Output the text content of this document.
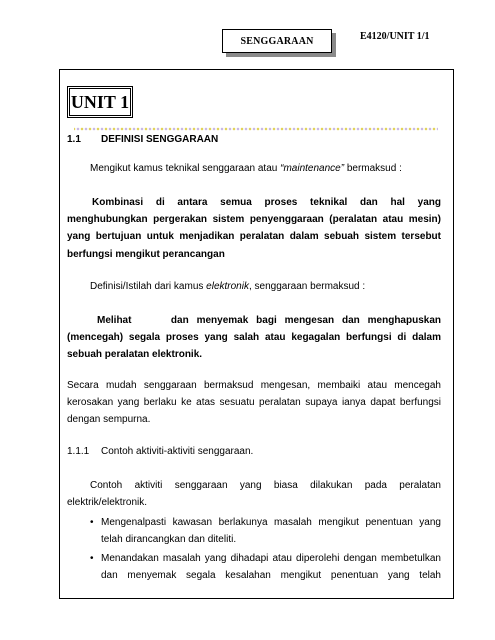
SENGGARAAN	E4120/UNIT 1/1
UNIT 1
1.1 DEFINISI SENGGARAAN
Mengikut kamus teknikal senggaraan atau “maintenance” bermaksud :
Kombinasi di antara semua proses teknikal dan hal yang
menghubungkan pergerakan sistem penyenggaraan (peralatan atau mesin)
yang bertujuan untuk menjadikan peralatan dalam sebuah sistem tersebut
berfungsi mengikut perancangan
Definisi/Istilah dari kamus elektronik, senggaraan bermaksud :
Melihat     dan menyemak bagi mengesan dan menghapuskan
(mencegah) segala proses yang salah atau kegagalan berfungsi di dalam
sebuah peralatan elektronik.
Secara mudah senggaraan bermaksud mengesan, membaiki atau mencegah
kerosakan yang berlaku ke atas sesuatu peralatan supaya ianya dapat berfungsi
dengan sempurna.
1.1.1 Contoh aktiviti-aktiviti senggaraan.
Contoh aktiviti senggaraan yang biasa dilakukan pada peralatan
elektrik/elektronik.
• Mengenalpasti kawasan berlakunya masalah mengikut penentuan yang
telah dirancangkan dan diteliti.
• Menandakan masalah yang dihadapi atau diperolehi dengan membetulkan
dan menyemak segala kesalahan mengikut penentuan yang telah
